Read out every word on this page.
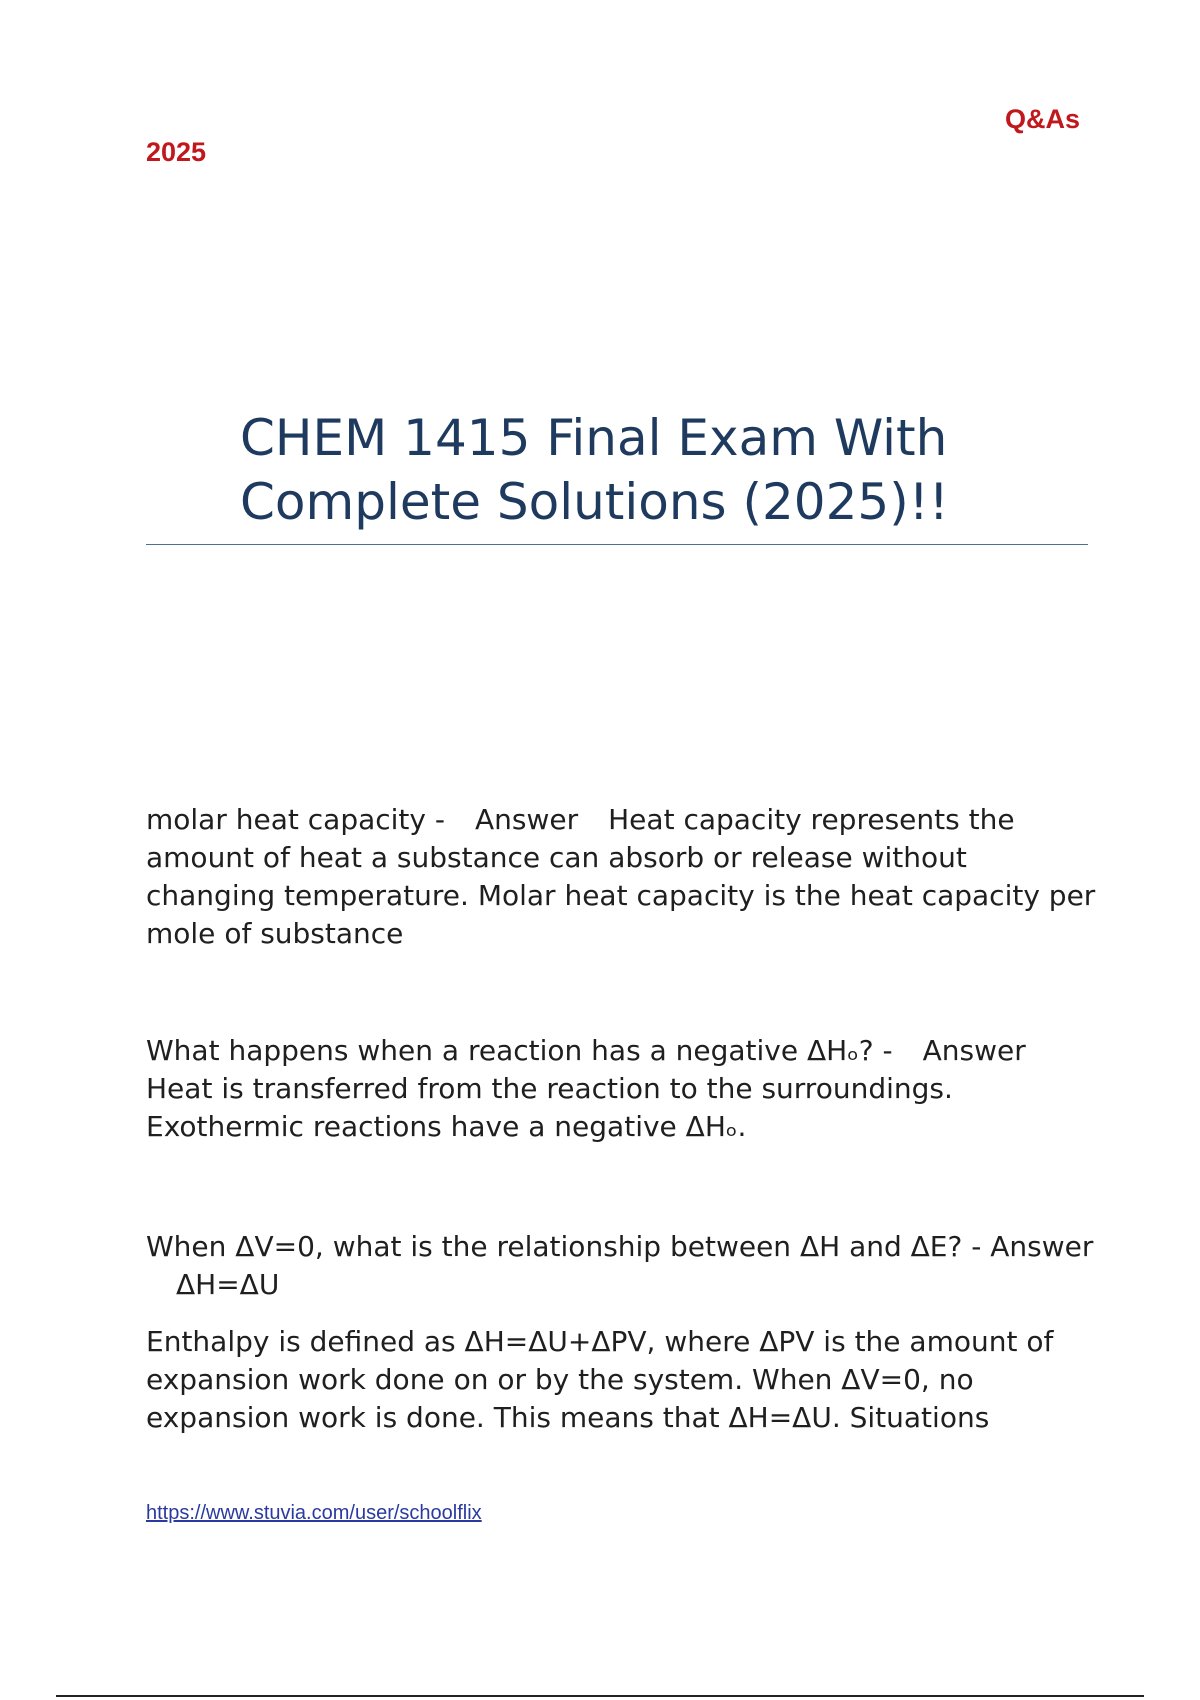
Q&As
2025
CHEM 1415 Final Exam With Complete Solutions (2025)!!

molar heat capacity - Answer Heat capacity represents the amount of heat a substance can absorb or release without changing temperature. Molar heat capacity is the heat capacity per mole of substance

What happens when a reaction has a negative ΔHₒ? - AnswerHeat is transferred from the reaction to the surroundings. Exothermic reactions have a negative ΔHₒ.

When ΔV=0, what is the relationship between ΔH and ΔE? - AnswerΔH=ΔU

Enthalpy is defined as ΔH=ΔU+ΔPV, where ΔPV is the amount of expansion work done on or by the system. When ΔV=0, no expansion work is done. This means that ΔH=ΔU. Situations

https://www.stuvia.com/user/schoolflix
